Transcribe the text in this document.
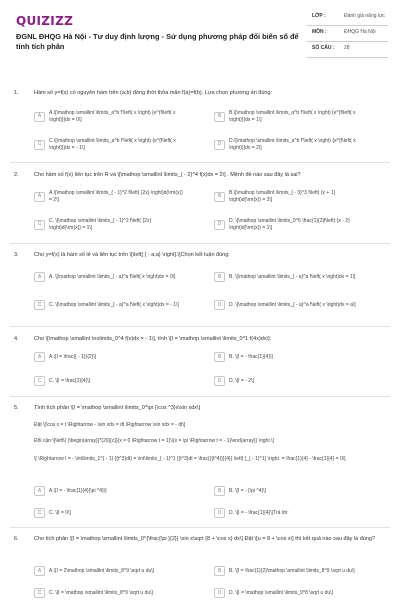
QUIZIZZ
ĐGNL ĐHQG Hà Nội - Tư duy định lượng - Sử dụng phương pháp đổi biến số để tính tích phân
LỚP :	Đánh giá năng lực
MÔN :	ĐHQG Hà Nội
SỐ CÂU :	28
1.	Hàm số y=f(x) có nguyên hàm trên (a;b) đồng thời thỏa mãn f(a)=f(b). Lựa chọn phương án đúng:
A
A.\[\mathop \smallint \limits_a^b f'\left( x \right) {e^{f\left( x \right)}}dx = 0\]
B
B.\[\mathop \smallint \limits_a^b f'\left( x \right) {e^{f\left( x \right)}}dx = 1\]
C
C.\[\mathop \smallint \limits_a^b f'\left( x \right) {e^{f\left( x \right)}}dx = - 1\]
D
D.\[\mathop \smallint \limits_a^b f'\left( x \right) {e^{f\left( x \right)}}dx = 2\]
2.	Cho hàm số f(x) liên tục trên R và \[\mathop \smallint \limits_{ - 2}^4 f(x)dx = 2\] . Mệnh đề nào sau đây là sai?
A
A.\[\mathop \smallint \limits_{ - 1}^2 f\left( {2x} \right)d(\rm{x}) = 2\]
B
B.\[\mathop \smallint \limits_{ - 3}^3 f\left( {x + 1} \right)d(\rm{x}) = 2\]
C
C. \[\mathop \smallint \limits_{ - 1}^2 f\left( {2x} \right)d(\rm{x}) = 1\]
D
D. \[\mathop \smallint \limits_0^6 \frac{1}{2}f\left( {x - 2} \right)d(\rm{x}) = 1\]
3.	Cho y=f(x) là hàm số lẻ và liên tục trên \[\left[ { - a;a} \right].\]Chọn kết luận đúng:
A	A. \[\mathop \smallint \limits_{ - a}^a f\left( x \right)dx = 0\]	B	B. \[\mathop \smallint \limits_{ - a}^a f\left( x \right)dx = 1\]
C	C. \[\mathop \smallint \limits_{ - a}^a f\left( x \right)dx = - 1\]	D	D. \[\mathop \smallint \limits_{ - a}^a f\left( x \right)dx = a\]
4.	Cho \[\mathop \smallint \nolimits_0^4 f(x)dx = - 1\], tính \[I = \mathop \smallint \limits_0^1 f(4x)dx\]:
A	A.\[I = \frac{{ - 1}}{2}\]	B	B. \[I = - \frac{1}{4}\]
C	C. \[I = \frac{1}{4}\]	D	D. \[I = - 2\]
5.	Tính tích phân \[I = \mathop \smallint \limits_0^\pi {\cos ^3}x\sin xdx\]
Đặt \[\cos x = t \Rightarrow - \sin xdx = dt \Rightarrow \sin xdx = - dt\]
Đổi cận:\[\left\{ {\begin{array}{*{20}{c}}{x = 0 \Rightarrow t = 1}\\{x = \pi \Rightarrow t = - 1}\end{array}} \right.\]
\[ \Rightarrow I = - \int\limits_1^{ - 1} {{t^3}dt} = \int\limits_{ - 1}^1 {{t^3}dt = \frac{{{t^4}}}{4}} \left| {_{ - 1}^1} \right. = \frac{1}{4} - \frac{1}{4} = 0\]
A	A.\[I = - \frac{1}{4}{\pi ^4}\]	B	B. \[I = - {\pi ^4}\]
C	C. \[I = 0\]	D	D. \[I = - \frac{1}{4}\]Trả lời:
6.	Cho tích phân \[I = \mathop \smallint \limits_0^{\frac{\pi }{2}} \sin x\sqrt {8 + \cos x} dx\] Đặt \[u = 8 + \cos x\] thì kết quả nào sau đây là đúng?
A	A.\[I = 2\mathop \smallint \limits_8^9 \sqrt u du\]	B	B. \[I = \frac{1}{2}\mathop \smallint \limits_8^9 \sqrt u du\]
C	C. \[I = \mathop \smallint \limits_8^9 \sqrt u du\]	D	D. \[I = \mathop \smallint \limits_9^8 \sqrt u du\]
